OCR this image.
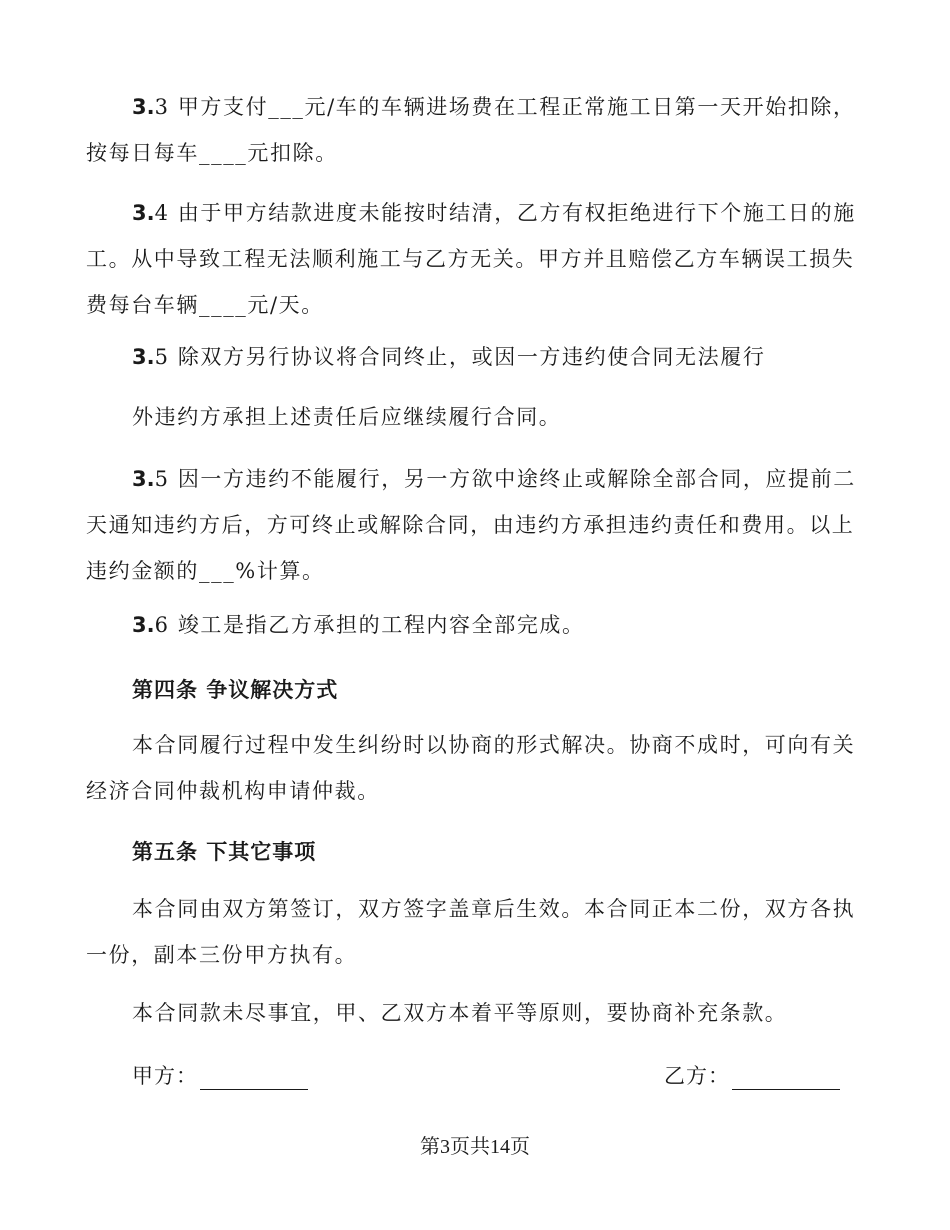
3.3 甲方支付___元/车的车辆进场费在工程正常施工日第一天开始扣除，按每日每车____元扣除。

3.4 由于甲方结款进度未能按时结清，乙方有权拒绝进行下个施工日的施工。从中导致工程无法顺利施工与乙方无关。甲方并且赔偿乙方车辆误工损失费每台车辆____元/天。

3.5 除双方另行协议将合同终止，或因一方违约使合同无法履行

外违约方承担上述责任后应继续履行合同。

3.5 因一方违约不能履行，另一方欲中途终止或解除全部合同，应提前二天通知违约方后，方可终止或解除合同，由违约方承担违约责任和费用。以上违约金额的___%计算。

3.6 竣工是指乙方承担的工程内容全部完成。

第四条 争议解决方式

本合同履行过程中发生纠纷时以协商的形式解决。协商不成时，可向有关经济合同仲裁机构申请仲裁。

第五条 下其它事项

本合同由双方第签订，双方签字盖章后生效。本合同正本二份，双方各执一份，副本三份甲方执有。

本合同款未尽事宜，甲、乙双方本着平等原则，要协商补充条款。

甲方：	乙方：
第3页共14页
